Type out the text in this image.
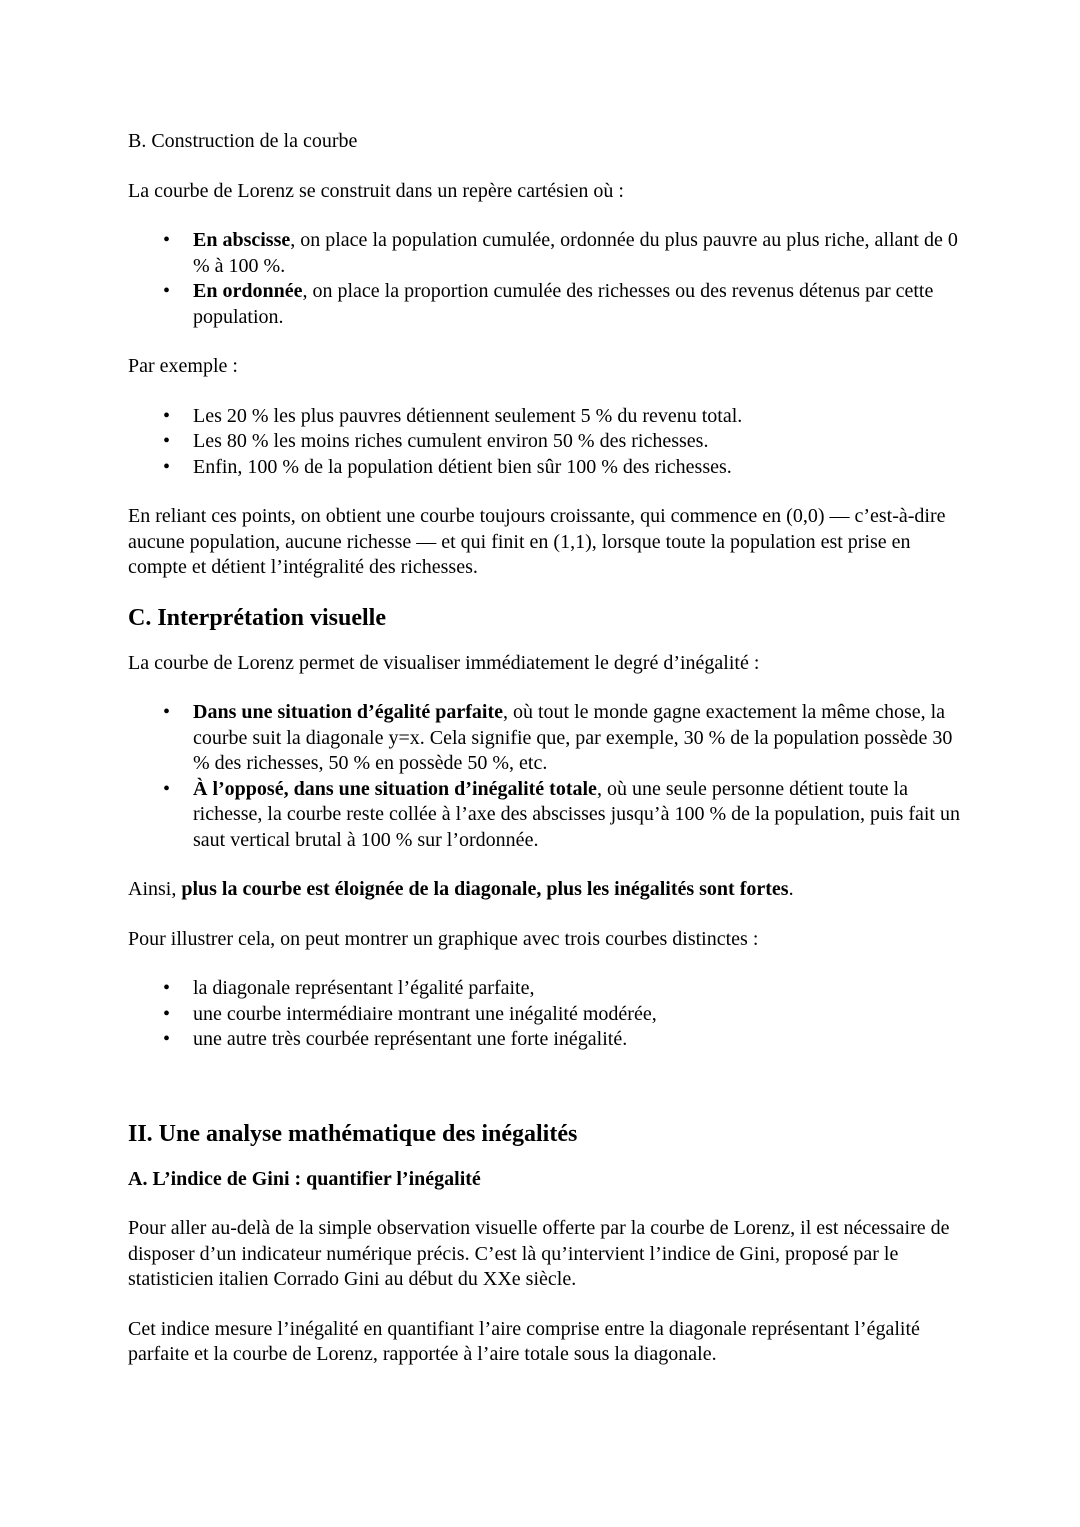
B. Construction de la courbe

La courbe de Lorenz se construit dans un repère cartésien où :

• En abscisse, on place la population cumulée, ordonnée du plus pauvre au plus riche, allant de 0 % à 100 %.
• En ordonnée, on place la proportion cumulée des richesses ou des revenus détenus par cette population.

Par exemple :

• Les 20 % les plus pauvres détiennent seulement 5 % du revenu total.
• Les 80 % les moins riches cumulent environ 50 % des richesses.
• Enfin, 100 % de la population détient bien sûr 100 % des richesses.

En reliant ces points, on obtient une courbe toujours croissante, qui commence en (0,0) — c’est-à-dire aucune population, aucune richesse — et qui finit en (1,1), lorsque toute la population est prise en compte et détient l’intégralité des richesses.

C. Interprétation visuelle

La courbe de Lorenz permet de visualiser immédiatement le degré d’inégalité :

• Dans une situation d’égalité parfaite, où tout le monde gagne exactement la même chose, la courbe suit la diagonale y=x. Cela signifie que, par exemple, 30 % de la population possède 30 % des richesses, 50 % en possède 50 %, etc.
• À l’opposé, dans une situation d’inégalité totale, où une seule personne détient toute la richesse, la courbe reste collée à l’axe des abscisses jusqu’à 100 % de la population, puis fait un saut vertical brutal à 100 % sur l’ordonnée.

Ainsi, plus la courbe est éloignée de la diagonale, plus les inégalités sont fortes.

Pour illustrer cela, on peut montrer un graphique avec trois courbes distinctes :

• la diagonale représentant l’égalité parfaite,
• une courbe intermédiaire montrant une inégalité modérée,
• une autre très courbée représentant une forte inégalité.
II. Une analyse mathématique des inégalités
A. L’indice de Gini : quantifier l’inégalité

Pour aller au-delà de la simple observation visuelle offerte par la courbe de Lorenz, il est nécessaire de disposer d’un indicateur numérique précis. C’est là qu’intervient l’indice de Gini, proposé par le statisticien italien Corrado Gini au début du XXe siècle.

Cet indice mesure l’inégalité en quantifiant l’aire comprise entre la diagonale représentant l’égalité parfaite et la courbe de Lorenz, rapportée à l’aire totale sous la diagonale.
